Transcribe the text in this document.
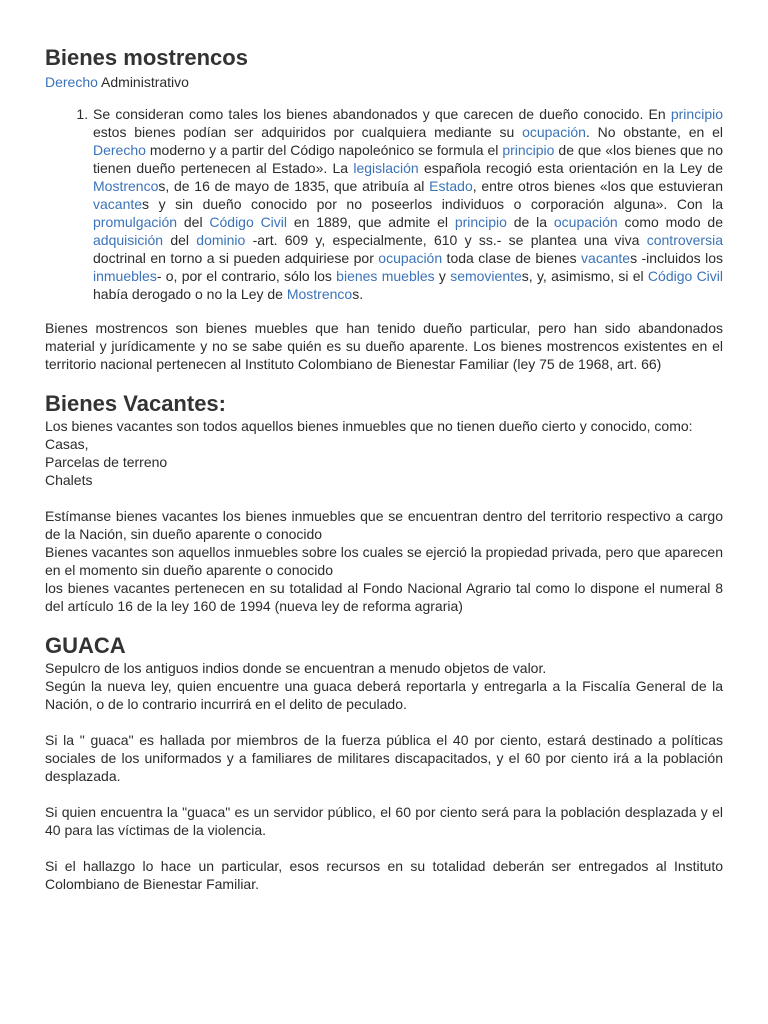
Bienes mostrencos
Derecho Administrativo
1. Se consideran como tales los bienes abandonados y que carecen de dueño conocido. En principio estos bienes podían ser adquiridos por cualquiera mediante su ocupación. No obstante, en el Derecho moderno y a partir del Código napoleónico se formula el principio de que «los bienes que no tienen dueño pertenecen al Estado». La legislación española recogió esta orientación en la Ley de Mostrencos, de 16 de mayo de 1835, que atribuía al Estado, entre otros bienes «los que estuvieran vacantes y sin dueño conocido por no poseerlos individuos o corporación alguna». Con la promulgación del Código Civil en 1889, que admite el principio de la ocupación como modo de adquisición del dominio -art. 609 y, especialmente, 610 y ss.- se plantea una viva controversia doctrinal en torno a si pueden adquiriese por ocupación toda clase de bienes vacantes -incluidos los inmuebles- o, por el contrario, sólo los bienes muebles y semovientes, y, asimismo, si el Código Civil había derogado o no la Ley de Mostrencos.

Bienes mostrencos son bienes muebles que han tenido dueño particular, pero han sido abandonados material y jurídicamente y no se sabe quién es su dueño aparente. Los bienes mostrencos existentes en el territorio nacional pertenecen al Instituto Colombiano de Bienestar Familiar (ley 75 de 1968, art. 66)

Bienes Vacantes:

Los bienes vacantes son todos aquellos bienes inmuebles que no tienen dueño cierto y conocido, como:

Casas,
Parcelas de terreno
Chalets

Estímanse bienes vacantes los bienes inmuebles que se encuentran dentro del territorio respectivo a cargo de la Nación, sin dueño aparente o conocido

Bienes vacantes son aquellos inmuebles sobre los cuales se ejerció la propiedad privada, pero que aparecen en el momento sin dueño aparente o conocido

los bienes vacantes pertenecen en su totalidad al Fondo Nacional Agrario tal como lo dispone el numeral 8 del artículo 16 de la ley 160 de 1994 (nueva ley de reforma agraria)

GUACA

Sepulcro de los antiguos indios donde se encuentran a menudo objetos de valor.

Según la nueva ley, quien encuentre una guaca deberá reportarla y entregarla a la Fiscalía General de la Nación, o de lo contrario incurrirá en el delito de peculado.

Si la " guaca" es hallada por miembros de la fuerza pública el 40 por ciento, estará destinado a políticas sociales de los uniformados y a familiares de militares discapacitados, y el 60 por ciento irá a la población desplazada.

Si quien encuentra la "guaca" es un servidor público, el 60 por ciento será para la población desplazada y el 40 para las víctimas de la violencia.

Si el hallazgo lo hace un particular, esos recursos en su totalidad deberán ser entregados al Instituto Colombiano de Bienestar Familiar.
